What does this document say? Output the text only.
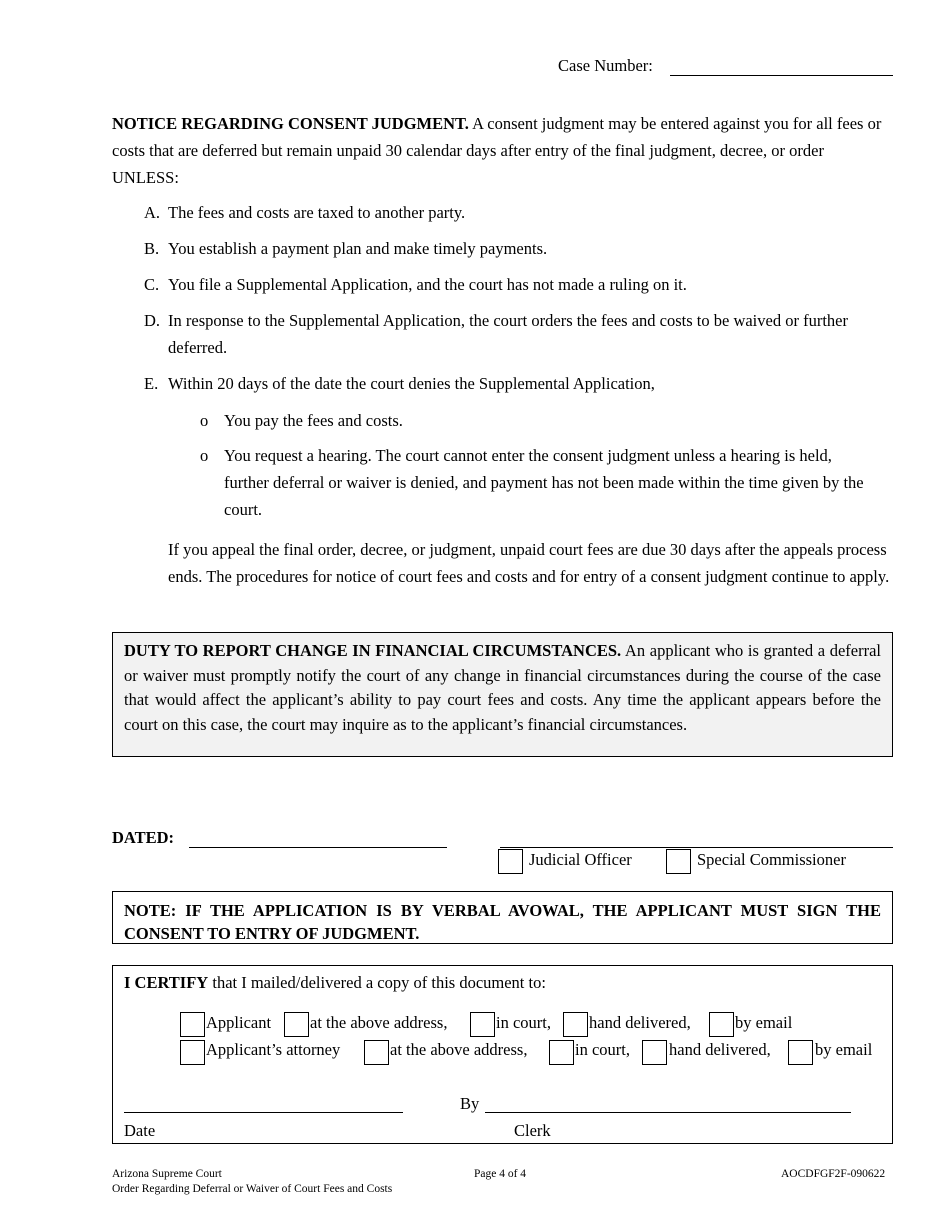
Case Number:
NOTICE REGARDING CONSENT JUDGMENT. A consent judgment may be entered against you for all fees or costs that are deferred but remain unpaid 30 calendar days after entry of the final judgment, decree, or order UNLESS:
A. The fees and costs are taxed to another party.
B. You establish a payment plan and make timely payments.
C. You file a Supplemental Application, and the court has not made a ruling on it.
D. In response to the Supplemental Application, the court orders the fees and costs to be waived or further deferred.
E. Within 20 days of the date the court denies the Supplemental Application,
o You pay the fees and costs.
o You request a hearing. The court cannot enter the consent judgment unless a hearing is held, further deferral or waiver is denied, and payment has not been made within the time given by the court.
If you appeal the final order, decree, or judgment, unpaid court fees are due 30 days after the appeals process ends. The procedures for notice of court fees and costs and for entry of a consent judgment continue to apply.
DUTY TO REPORT CHANGE IN FINANCIAL CIRCUMSTANCES. An applicant who is granted a deferral or waiver must promptly notify the court of any change in financial circumstances during the course of the case that would affect the applicant’s ability to pay court fees and costs. Any time the applicant appears before the court on this case, the court may inquire as to the applicant’s financial circumstances.
DATED:
Judicial Officer	Special Commissioner
NOTE: IF THE APPLICATION IS BY VERBAL AVOWAL, THE APPLICANT MUST SIGN THE CONSENT TO ENTRY OF JUDGMENT.
I CERTIFY that I mailed/delivered a copy of this document to:
Applicant at the above address,	in court, hand delivered,	by email
Applicant’s attorney	at the above address,	in court, hand delivered,	by email
By
Date	Clerk
Arizona Supreme Court
Order Regarding Deferral or Waiver of Court Fees and Costs
Page 4 of 4	AOCDFGF2F-090622
